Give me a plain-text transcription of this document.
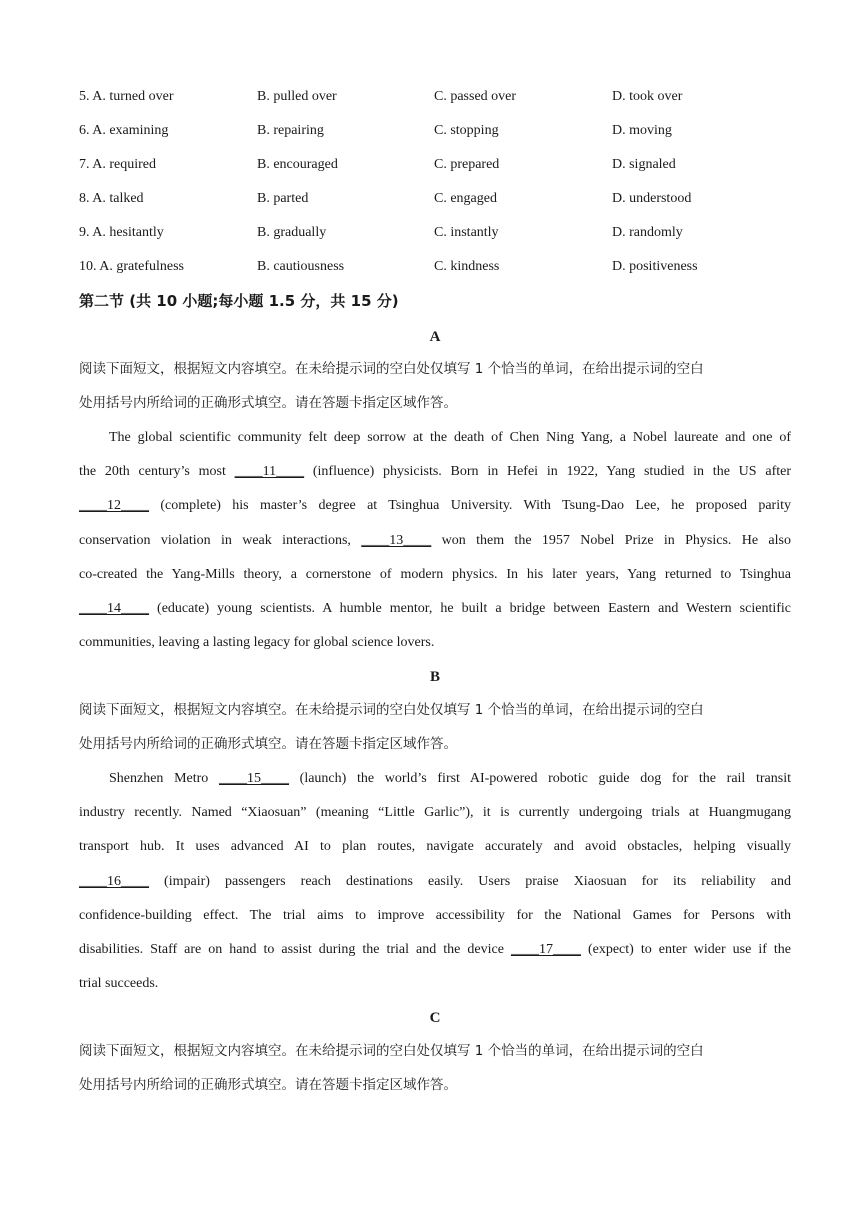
5. A. turned over	B. pulled over	C. passed over	D. took over
6. A. examining	B. repairing	C. stopping	D. moving
7. A. required	B. encouraged	C. prepared	D. signaled
8. A. talked	B. parted	C. engaged	D. understood
9. A. hesitantly	B. gradually	C. instantly	D. randomly
10. A. gratefulness	B. cautiousness	C. kindness	D. positiveness
第二节 (共 10 小题;每小题 1.5 分，共 15 分)
A
阅读下面短文，根据短文内容填空。在未给提示词的空白处仅填写 1 个恰当的单词，在给出提示词的空白
处用括号内所给词的正确形式填空。请在答题卡指定区域作答。
The global scientific community felt deep sorrow at the death of Chen Ning Yang, a Nobel laureate and one of
the 20th century’s most ____11____ (influence) physicists. Born in Hefei in 1922, Yang studied in the US after
____12____ (complete) his master’s degree at Tsinghua University. With Tsung-Dao Lee, he proposed parity
conservation violation in weak interactions, ____13____ won them the 1957 Nobel Prize in Physics. He also
co-created the Yang-Mills theory, a cornerstone of modern physics. In his later years, Yang returned to Tsinghua
____14____ (educate) young scientists. A humble mentor, he built a bridge between Eastern and Western scientific
communities, leaving a lasting legacy for global science lovers.
B
阅读下面短文，根据短文内容填空。在未给提示词的空白处仅填写 1 个恰当的单词，在给出提示词的空白
处用括号内所给词的正确形式填空。请在答题卡指定区域作答。
Shenzhen Metro ____15____ (launch) the world’s first AI-powered robotic guide dog for the rail transit
industry recently. Named “Xiaosuan” (meaning “Little Garlic”), it is currently undergoing trials at Huangmugang
transport hub. It uses advanced AI to plan routes, navigate accurately and avoid obstacles, helping visually
____16____ (impair) passengers reach destinations easily. Users praise Xiaosuan for its reliability and
confidence-building effect. The trial aims to improve accessibility for the National Games for Persons with
disabilities. Staff are on hand to assist during the trial and the device ____17____ (expect) to enter wider use if the
trial succeeds.
C
阅读下面短文，根据短文内容填空。在未给提示词的空白处仅填写 1 个恰当的单词，在给出提示词的空白
处用括号内所给词的正确形式填空。请在答题卡指定区域作答。
